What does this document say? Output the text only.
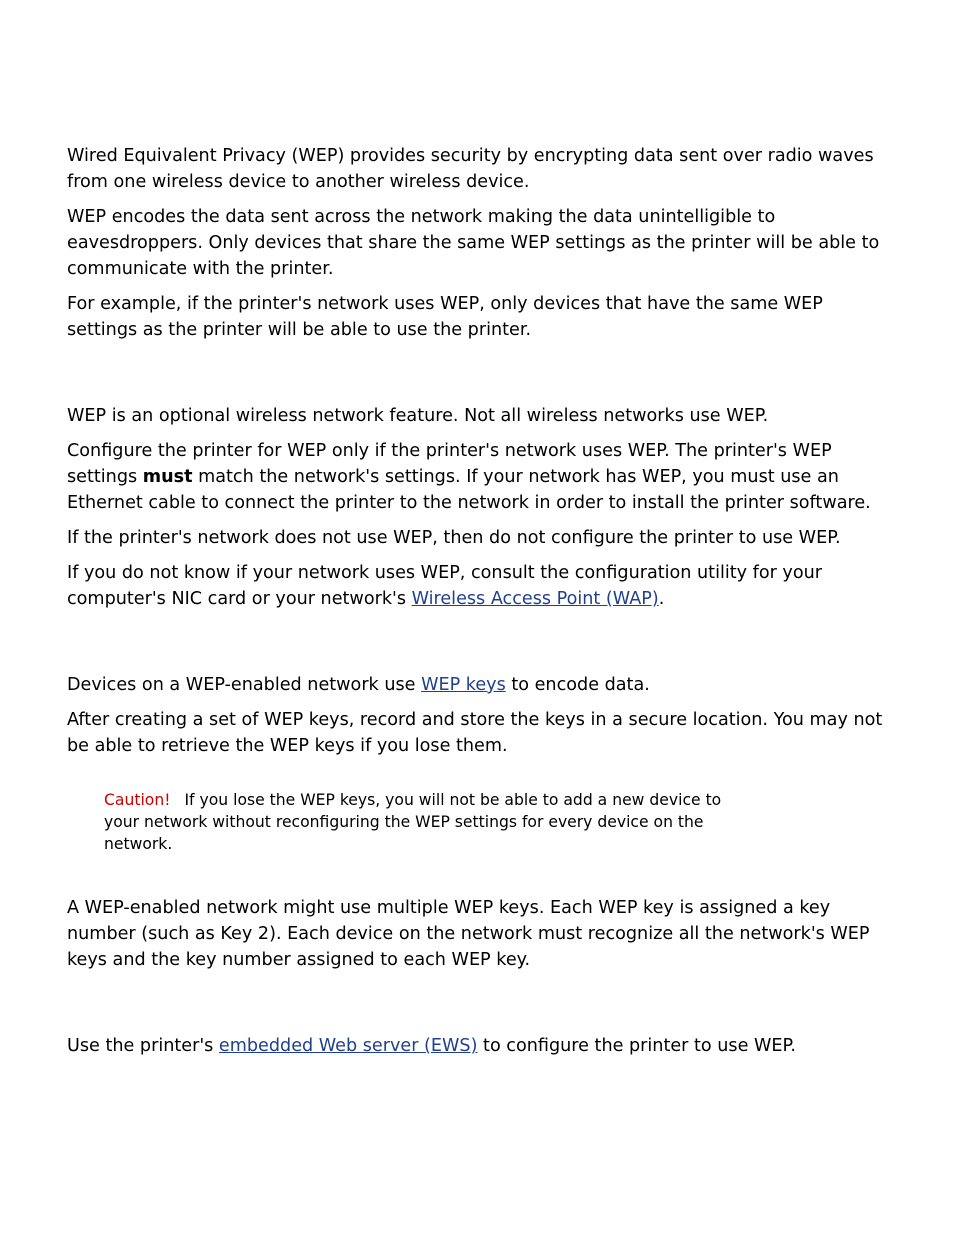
Wired Equivalent Privacy (WEP) provides security by encrypting data sent over radio waves from one wireless device to another wireless device.

WEP encodes the data sent across the network making the data unintelligible to eavesdroppers. Only devices that share the same WEP settings as the printer will be able to communicate with the printer.

For example, if the printer's network uses WEP, only devices that have the same WEP settings as the printer will be able to use the printer.

WEP is an optional wireless network feature. Not all wireless networks use WEP.

Configure the printer for WEP only if the printer's network uses WEP. The printer's WEP settings must match the network's settings. If your network has WEP, you must use an Ethernet cable to connect the printer to the network in order to install the printer software.

If the printer's network does not use WEP, then do not configure the printer to use WEP.

If you do not know if your network uses WEP, consult the configuration utility for your computer's NIC card or your network's Wireless Access Point (WAP).

Devices on a WEP-enabled network use WEP keys to encode data.

After creating a set of WEP keys, record and store the keys in a secure location. You may not be able to retrieve the WEP keys if you lose them.

Caution! If you lose the WEP keys, you will not be able to add a new device to your network without reconfiguring the WEP settings for every device on the network.

A WEP-enabled network might use multiple WEP keys. Each WEP key is assigned a key number (such as Key 2). Each device on the network must recognize all the network's WEP keys and the key number assigned to each WEP key.

Use the printer's embedded Web server (EWS) to configure the printer to use WEP.
